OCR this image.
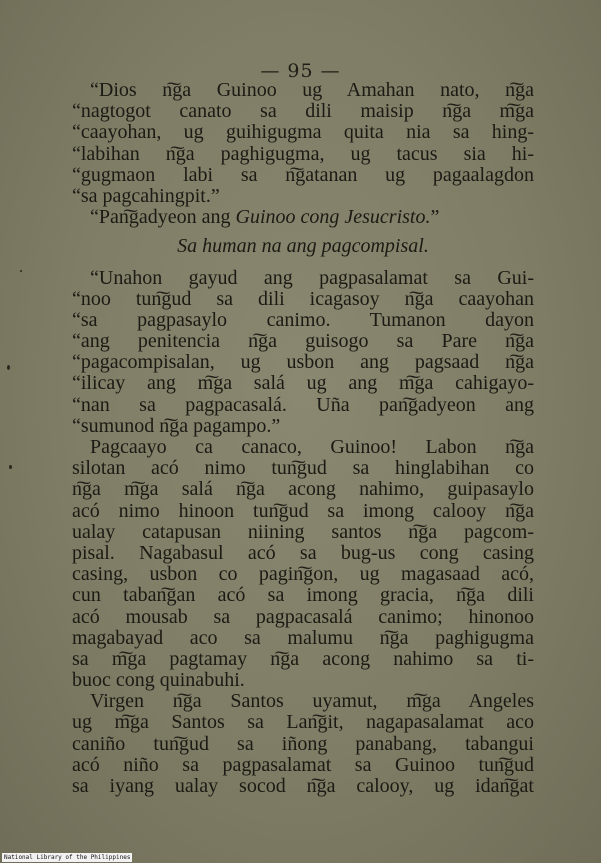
— 95 —
“Dios n͠ga Guinoo ug Amahan nato, n͠ga
“nagtogot canato sa dili maisip n͠ga m͠ga
“caayohan, ug guihigugma quita nia sa hing-
“labihan n͠ga paghigugma, ug tacus sia hi-
“gugmaon labi sa n͠gatanan ug pagaalagdon
“sa pagcahingpit.”
“Pan͠gadyeon ang Guinoo cong Jesucristo.”
Sa human na ang pagcompisal.
“Unahon gayud ang pagpasalamat sa Gui-
“noo tun͠gud sa dili icagasoy n͠ga caayohan
“sa pagpasaylo canimo. Tumanon dayon
“ang penitencia n͠ga guisogo sa Pare n͠ga
“pagacompisalan, ug usbon ang pagsaad n͠ga
“ilicay ang m͠ga salá ug ang m͠ga cahigayo-
“nan sa pagpacasalá. Uña pan͠gadyeon ang
“sumunod n͠ga pagampo.”
Pagcaayo ca canaco, Guinoo! Labon n͠ga
silotan acó nimo tun͠gud sa hinglabihan co
n͠ga m͠ga salá n͠ga acong nahimo, guipasaylo
acó nimo hinoon tun͠gud sa imong calooy n͠ga
ualay catapusan niining santos n͠ga pagcom-
pisal. Nagabasul acó sa bug-us cong casing
casing, usbon co pagin͠gon, ug magasaad acó,
cun taban͠gan acó sa imong gracia, n͠ga dili
acó mousab sa pagpacasalá canimo; hinonoo
magabayad aco sa malumu n͠ga paghigugma
sa m͠ga pagtamay n͠ga acong nahimo sa ti-
buoc cong quinabuhi.
Virgen n͠ga Santos uyamut, m͠ga Angeles
ug m͠ga Santos sa Lan͠git, nagapasalamat aco
caniño tun͠gud sa iñong panabang, tabangui
acó niño sa pagpasalamat sa Guinoo tun͠gud
sa iyang ualay socod n͠ga calooy, ug idan͠gat
National Library of the Philippines
